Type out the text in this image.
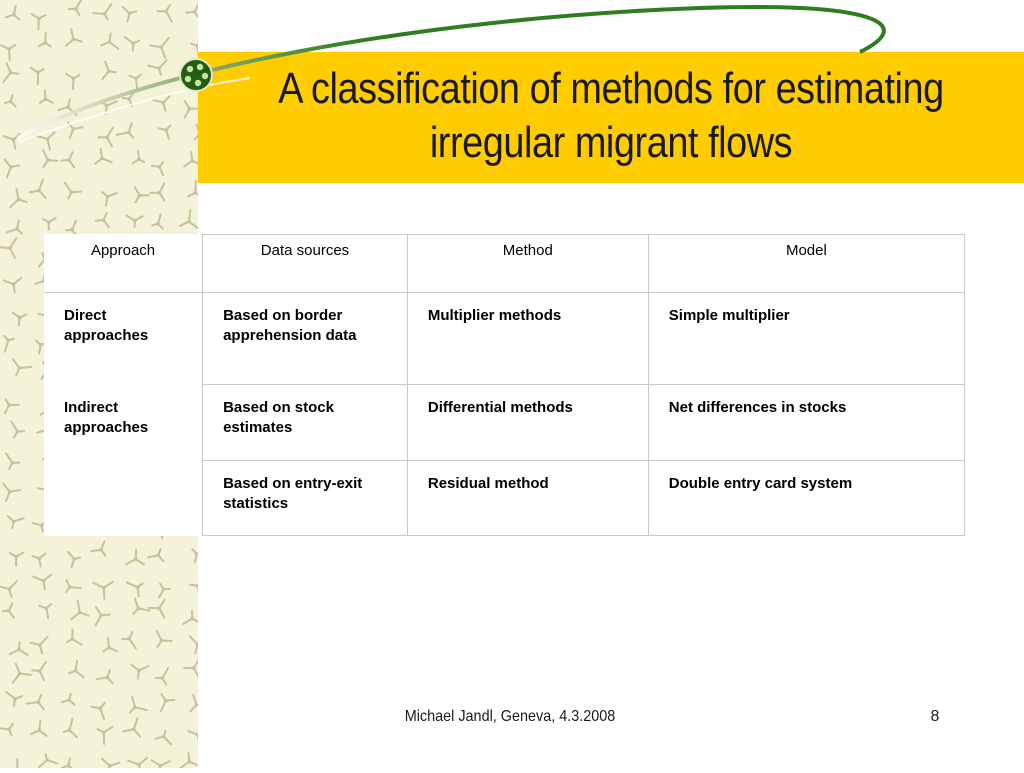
A classification of methods for estimating
irregular migrant flows
Approach	Data sources	Method	Model

Direct
approaches	Based on border
apprehension data	Multiplier methods	Simple multiplier

Indirect
approaches	Based on stock
estimates	Differential methods	Net differences in stocks

	Based on entry-exit
statistics	Residual method	Double entry card system
Michael Jandl, Geneva, 4.3.2008	8
